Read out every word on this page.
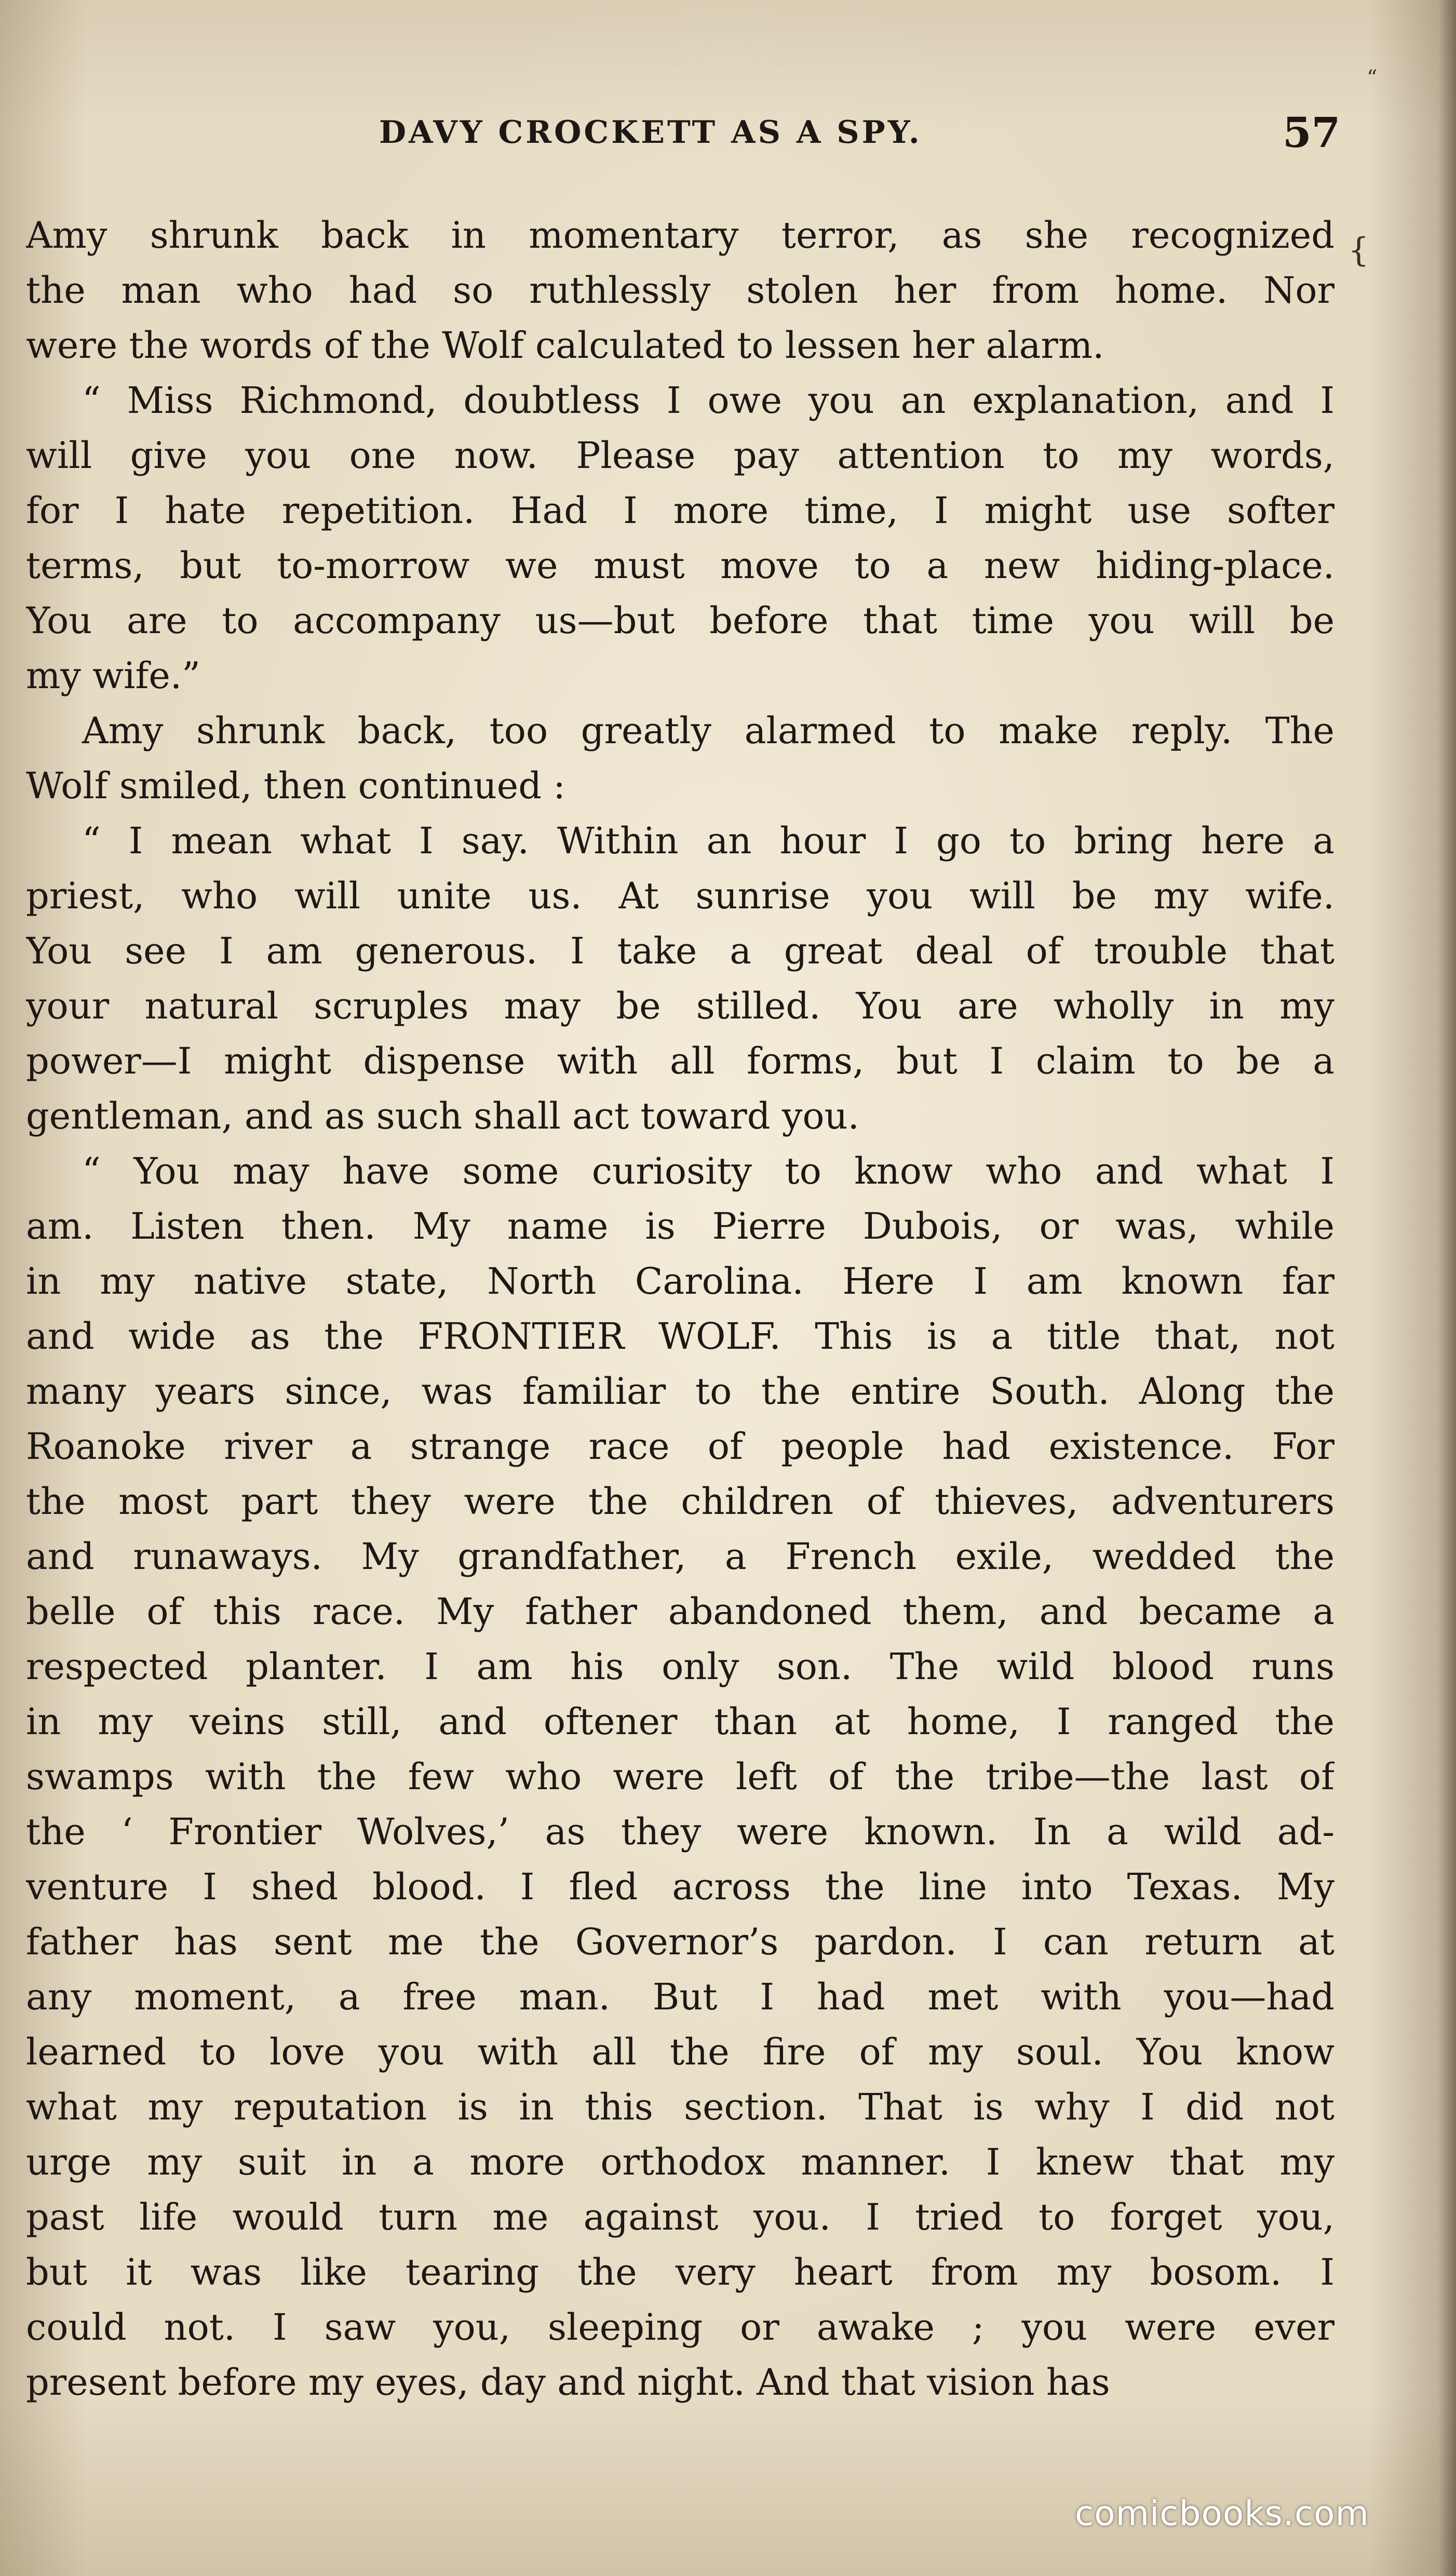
DAVY CROCKETT AS A SPY.	57
“
{
Amy shrunk back in momentary terror, as she recognized
the man who had so ruthlessly stolen her from home. Nor
were the words of the Wolf calculated to lessen her alarm.
“ Miss Richmond, doubtless I owe you an explanation, and I
will give you one now. Please pay attention to my words,
for I hate repetition. Had I more time, I might use softer
terms, but to-morrow we must move to a new hiding-place.
You are to accompany us—but before that time you will be
my wife.”
Amy shrunk back, too greatly alarmed to make reply. The
Wolf smiled, then continued :
“ I mean what I say. Within an hour I go to bring here a
priest, who will unite us. At sunrise you will be my wife.
You see I am generous. I take a great deal of trouble that
your natural scruples may be stilled. You are wholly in my
power—I might dispense with all forms, but I claim to be a
gentleman, and as such shall act toward you.
“ You may have some curiosity to know who and what I
am. Listen then. My name is Pierre Dubois, or was, while
in my native state, North Carolina. Here I am known far
and wide as the FRONTIER WOLF. This is a title that, not
many years since, was familiar to the entire South. Along the
Roanoke river a strange race of people had existence. For
the most part they were the children of thieves, adventurers
and runaways. My grandfather, a French exile, wedded the
belle of this race. My father abandoned them, and became a
respected planter. I am his only son. The wild blood runs
in my veins still, and oftener than at home, I ranged the
swamps with the few who were left of the tribe—the last of
the ‘ Frontier Wolves,’ as they were known. In a wild ad-
venture I shed blood. I fled across the line into Texas. My
father has sent me the Governor’s pardon. I can return at
any moment, a free man. But I had met with you—had
learned to love you with all the fire of my soul. You know
what my reputation is in this section. That is why I did not
urge my suit in a more orthodox manner. I knew that my
past life would turn me against you. I tried to forget you,
but it was like tearing the very heart from my bosom. I
could not. I saw you, sleeping or awake ; you were ever
present before my eyes, day and night. And that vision has
comicbooks.com
